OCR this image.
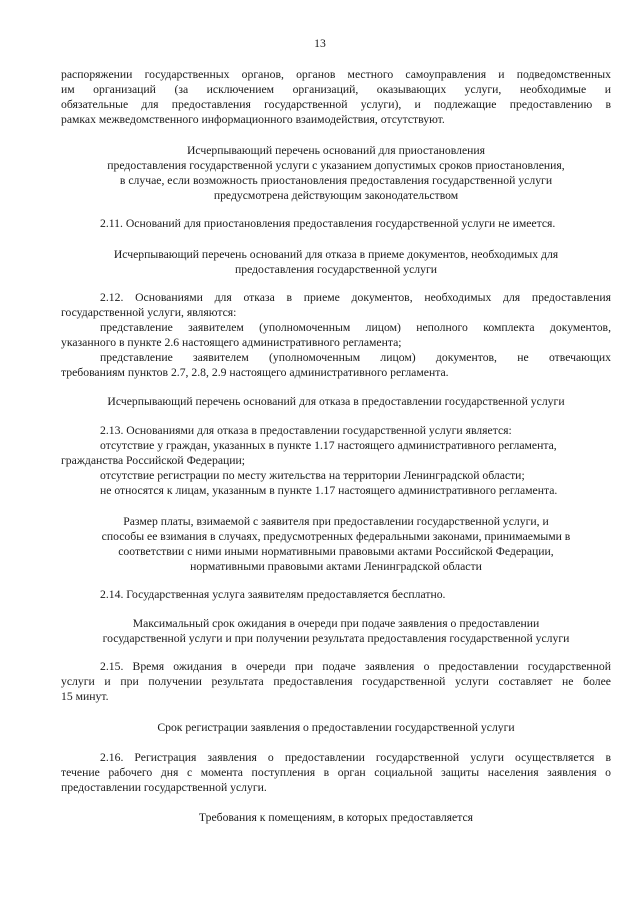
13
распоряжении государственных органов, органов местного самоуправления и подведомственных
им организаций (за исключением организаций, оказывающих услуги, необходимые и
обязательные для предоставления государственной услуги), и подлежащие предоставлению в
рамках межведомственного информационного взаимодействия, отсутствуют.
Исчерпывающий перечень оснований для приостановления
предоставления государственной услуги с указанием допустимых сроков приостановления,
в случае, если возможность приостановления предоставления государственной услуги
предусмотрена действующим законодательством
2.11. Оснований для приостановления предоставления государственной услуги не имеется.
Исчерпывающий перечень оснований для отказа в приеме документов, необходимых для
предоставления государственной услуги
2.12. Основаниями для отказа в приеме документов, необходимых для предоставления
государственной услуги, являются:
представление заявителем (уполномоченным лицом) неполного комплекта документов,
указанного в пункте 2.6 настоящего административного регламента;
представление заявителем (уполномоченным лицом) документов, не отвечающих
требованиям пунктов 2.7, 2.8, 2.9 настоящего административного регламента.
Исчерпывающий перечень оснований для отказа в предоставлении государственной услуги
2.13. Основаниями для отказа в предоставлении государственной услуги является:
отсутствие у граждан, указанных в пункте 1.17 настоящего административного регламента,
гражданства Российской Федерации;
отсутствие регистрации по месту жительства на территории Ленинградской области;
не относятся к лицам, указанным в пункте 1.17 настоящего административного регламента.
Размер платы, взимаемой с заявителя при предоставлении государственной услуги, и
способы ее взимания в случаях, предусмотренных федеральными законами, принимаемыми в
соответствии с ними иными нормативными правовыми актами Российской Федерации,
нормативными правовыми актами Ленинградской области
2.14. Государственная услуга заявителям предоставляется бесплатно.
Максимальный срок ожидания в очереди при подаче заявления о предоставлении
государственной услуги и при получении результата предоставления государственной услуги
2.15. Время ожидания в очереди при подаче заявления о предоставлении государственной
услуги и при получении результата предоставления государственной услуги составляет не более
15 минут.
Срок регистрации заявления о предоставлении государственной услуги
2.16. Регистрация заявления о предоставлении государственной услуги осуществляется в
течение рабочего дня с момента поступления в орган социальной защиты населения заявления о
предоставлении государственной услуги.
Требования к помещениям, в которых предоставляется
